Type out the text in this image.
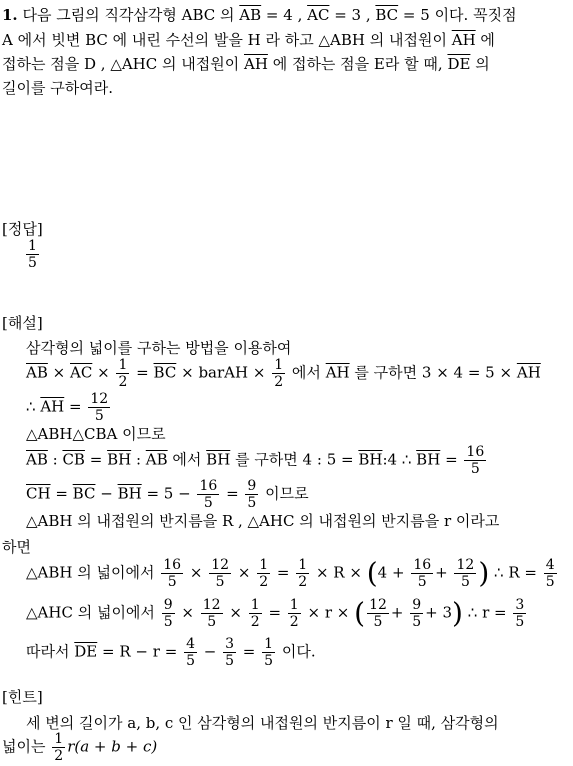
1. 다음 그림의 직각삼각형 ABC 의 $\overline{AB} = 4$ , $\overline{AC} = 3$ , $\overline{BC} = 5$ 이다. 꼭짓점
A 에서 빗변 BC 에 내린 수선의 발을 H 라 하고 △ABH 의 내접원이 $\overline{AH}$ 에
접하는 점을 D , △AHC 의 내접원이 $\overline{AH}$ 에 접하는 점을 E라 할 때, $\overline{DE}$ 의
길이를 구하여라.
[정답]
$\frac{1}{5}$
[해설]
삼각형의 넓이를 구하는 방법을 이용하여
$\overline{AB} \times \overline{AC} \times \frac{1}{2} = \overline{BC}$ × barAH × $\frac{1}{2}$ 에서 $\overline{AH}$ 를 구하면 $3 \times 4 = 5 \times \overline{AH}$
∴ $\overline{AH} = \frac{12}{5}$
△ABH△CBA 이므로
$\overline{AB}$ : $\overline{CB} = \overline{BH}$ : $\overline{AB}$ 에서 $\overline{BH}$ 를 구하면 4 : $5 = \overline{BH}:4$ ∴ $\overline{BH} = \frac{16}{5}$
$\overline{CH} = \overline{BC} - \overline{BH} = 5 - \frac{16}{5} = \frac{9}{5}$ 이므로
△ABH 의 내접원의 반지름을 R , △AHC 의 내접원의 반지름을 r 이라고
하면
△ABH 의 넓이에서 $\frac{16}{5} \times \frac{12}{5} \times \frac{1}{2} = \frac{1}{2} \times R \times (4 + \frac{16}{5} + \frac{12}{5}$ ) ∴ $R = \frac{4}{5}$
△AHC 의 넓이에서 $\frac{9}{5} \times \frac{12}{5} \times \frac{1}{2} = \frac{1}{2} \times r$ × ( $\frac{12}{5} + \frac{9}{5} + 3$) ∴ $r = \frac{3}{5}$
따라서 $\overline{DE} = R - r = \frac{4}{5} - \frac{3}{5} = \frac{1}{5}$ 이다.
[힌트]
세 변의 길이가 a, b, c 인 삼각형의 내접원의 반지름이 r 일 때, 삼각형의
넓이는 $\frac{1}{2} r(a + b + c)$
